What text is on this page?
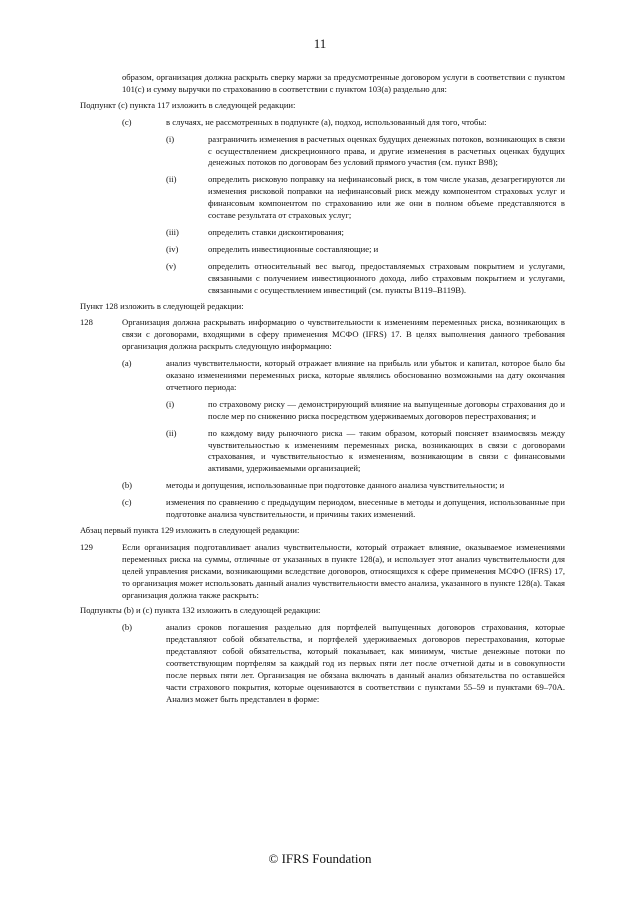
11

образом, организация должна раскрыть сверку маржи за предусмотренные договором услуги в соответствии с пунктом 101(c) и сумму выручки по страхованию в соответствии с пунктом 103(а) раздельно для:

Подпункт (с) пункта 117 изложить в следующей редакции:

(c)	в случаях, не рассмотренных в подпункте (а), подход, использованный для того, чтобы:
(i)	разграничить изменения в расчетных оценках будущих денежных потоков, возникающих в связи с осуществлением дискреционного права, и другие изменения в расчетных оценках будущих денежных потоков по договорам без условий прямого участия (см. пункт В98);
(ii)	определить рисковую поправку на нефинансовый риск, в том числе указав, дезагрегируются ли изменения рисковой поправки на нефинансовый риск между компонентом страховых услуг и финансовым компонентом по страхованию или же они в полном объеме представляются в составе результата от страховых услуг;
(iii)	определить ставки дисконтирования;
(iv)	определить инвестиционные составляющие; и
(v)	определить относительный вес выгод, предоставляемых страховым покрытием и услугами, связанными с получением инвестиционного дохода, либо страховым покрытием и услугами, связанными с осуществлением инвестиций (см. пункты В119–В119В).

Пункт 128 изложить в следующей редакции:

128	Организация должна раскрывать информацию о чувствительности к изменениям переменных риска, возникающих в связи с договорами, входящими в сферу применения МСФО (IFRS) 17. В целях выполнения данного требования организация должна раскрыть следующую информацию:
(a)	анализ чувствительности, который отражает влияние на прибыль или убыток и капитал, которое было бы оказано изменениями переменных риска, которые являлись обоснованно возможными на дату окончания отчетного периода:
(i)	по страховому риску — демонстрирующий влияние на выпущенные договоры страхования до и после мер по снижению риска посредством удерживаемых договоров перестрахования; и
(ii)	по каждому виду рыночного риска — таким образом, который поясняет взаимосвязь между чувствительностью к изменениям переменных риска, возникающих в связи с договорами страхования, и чувствительностью к изменениям, возникающим в связи с финансовыми активами, удерживаемыми организацией;
(b)	методы и допущения, использованные при подготовке данного анализа чувствительности; и
(c)	изменения по сравнению с предыдущим периодом, внесенные в методы и допущения, использованные при подготовке анализа чувствительности, и причины таких изменений.

Абзац первый пункта 129 изложить в следующей редакции:

129	Если организация подготавливает анализ чувствительности, который отражает влияние, оказываемое изменениями переменных риска на суммы, отличные от указанных в пункте 128(а), и использует этот анализ чувствительности для целей управления рисками, возникающими вследствие договоров, относящихся к сфере применения МСФО (IFRS) 17, то организация может использовать данный анализ чувствительности вместо анализа, указанного в пункте 128(а). Такая организация должна также раскрыть:

Подпункты (b) и (с) пункта 132 изложить в следующей редакции:

(b)	анализ сроков погашения раздельно для портфелей выпущенных договоров страхования, которые представляют собой обязательства, и портфелей удерживаемых договоров перестрахования, которые представляют собой обязательства, который показывает, как минимум, чистые денежные потоки по соответствующим портфелям за каждый год из первых пяти лет после отчетной даты и в совокупности после первых пяти лет. Организация не обязана включать в данный анализ обязательства по оставшейся части страхового покрытия, которые оцениваются в соответствии с пунктами 55–59 и пунктами 69–70А. Анализ может быть представлен в форме:
© IFRS Foundation
